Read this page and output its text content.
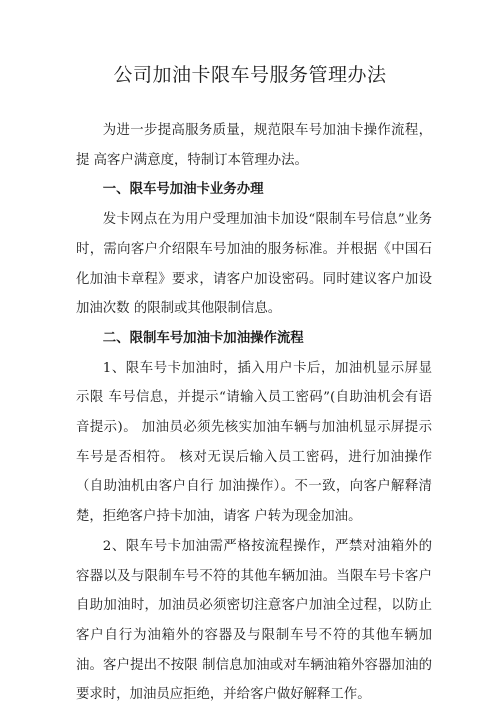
公司加油卡限车号服务管理办法

为进一步提高服务质量，规范限车号加油卡操作流程，提 高客户满意度，特制订本管理办法。

一、限车号加油卡业务办理

发卡网点在为用户受理加油卡加设“限制车号信息”业务时，需向客户介绍限车号加油的服务标准。并根据《中国石化加油卡章程》要求，请客户加设密码。同时建议客户加设加油次数 的限制或其他限制信息。

二、限制车号加油卡加油操作流程

1、限车号卡加油时，插入用户卡后，加油机显示屏显示限 车号信息，并提示“请输入员工密码”(自助油机会有语音提示)。 加油员必须先核实加油车辆与加油机显示屏提示车号是否相符。 核对无误后输入员工密码，进行加油操作（自助油机由客户自行 加油操作）。不一致，向客户解释清楚，拒绝客户持卡加油，请客 户转为现金加油。

2、限车号卡加油需严格按流程操作，严禁对油箱外的容器以及与限制车号不符的其他车辆加油。当限车号卡客户自助加油时，加油员必须密切注意客户加油全过程，以防止客户自行为油箱外的容器及与限制车号不符的其他车辆加油。客户提出不按限 制信息加油或对车辆油箱外容器加油的要求时，加油员应拒绝，并给客户做好解释工作。
